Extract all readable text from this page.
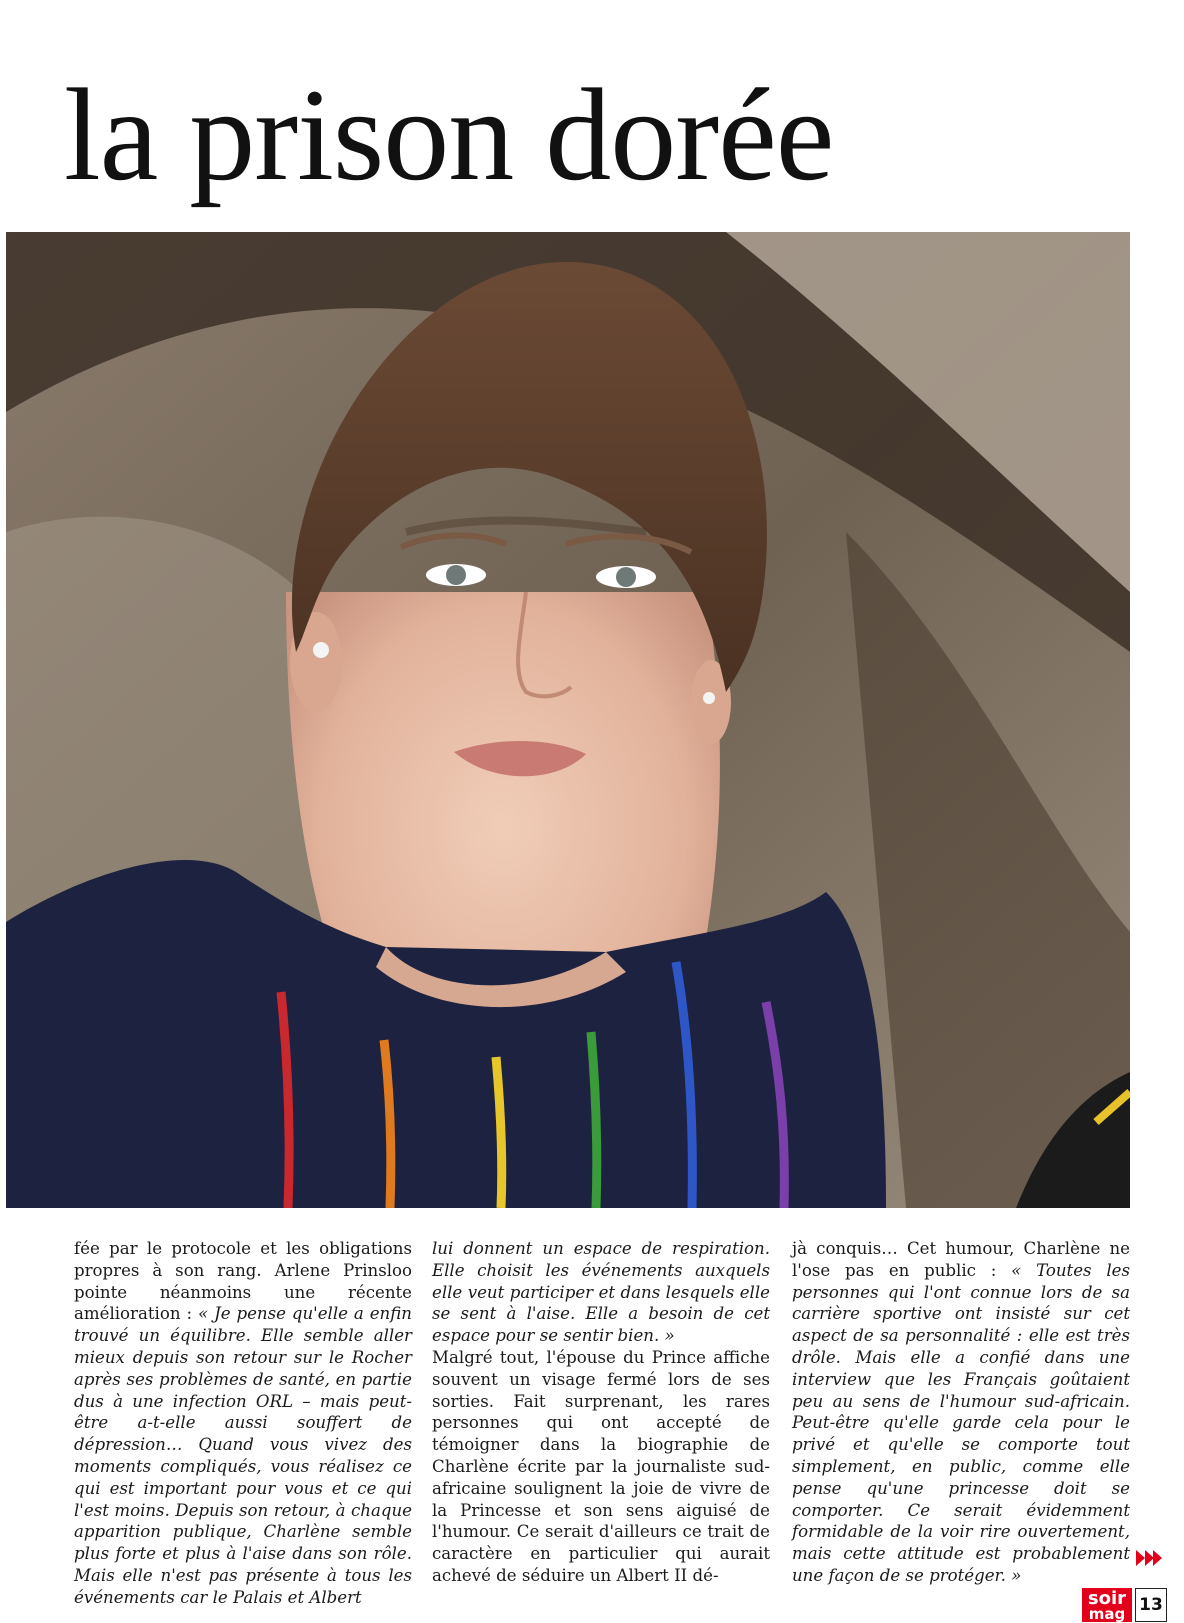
la prison dorée

fée par le protocole et les obligations propres à son rang. Arlene Prinsloo pointe néanmoins une récente amélioration : « Je pense qu'elle a enfin trouvé un équilibre. Elle semble aller mieux depuis son retour sur le Rocher après ses problèmes de santé, en partie dus à une infection ORL – mais peut-être a-t-elle aussi souffert de dépression… Quand vous vivez des moments compliqués, vous réalisez ce qui est important pour vous et ce qui l'est moins. Depuis son retour, à chaque apparition publique, Charlène semble plus forte et plus à l'aise dans son rôle. Mais elle n'est pas présente à tous les événements car le Palais et Albert

lui donnent un espace de respiration. Elle choisit les événements auxquels elle veut participer et dans lesquels elle se sent à l'aise. Elle a besoin de cet espace pour se sentir bien. »

Malgré tout, l'épouse du Prince affiche souvent un visage fermé lors de ses sorties. Fait surprenant, les rares personnes qui ont accepté de témoigner dans la biographie de Charlène écrite par la journaliste sud-africaine soulignent la joie de vivre de la Princesse et son sens aiguisé de l'humour. Ce serait d'ailleurs ce trait de caractère en particulier qui aurait achevé de séduire un Albert II dé-

jà conquis… Cet humour, Charlène ne l'ose pas en public : « Toutes les personnes qui l'ont connue lors de sa carrière sportive ont insisté sur cet aspect de sa personnalité : elle est très drôle. Mais elle a confié dans une interview que les Français goûtaient peu au sens de l'humour sud-africain. Peut-être qu'elle garde cela pour le privé et qu'elle se comporte tout simplement, en public, comme elle pense qu'une princesse doit se comporter. Ce serait évidemment formidable de la voir rire ouvertement, mais cette attitude est probablement une façon de se protéger. »

soir
mag 13
